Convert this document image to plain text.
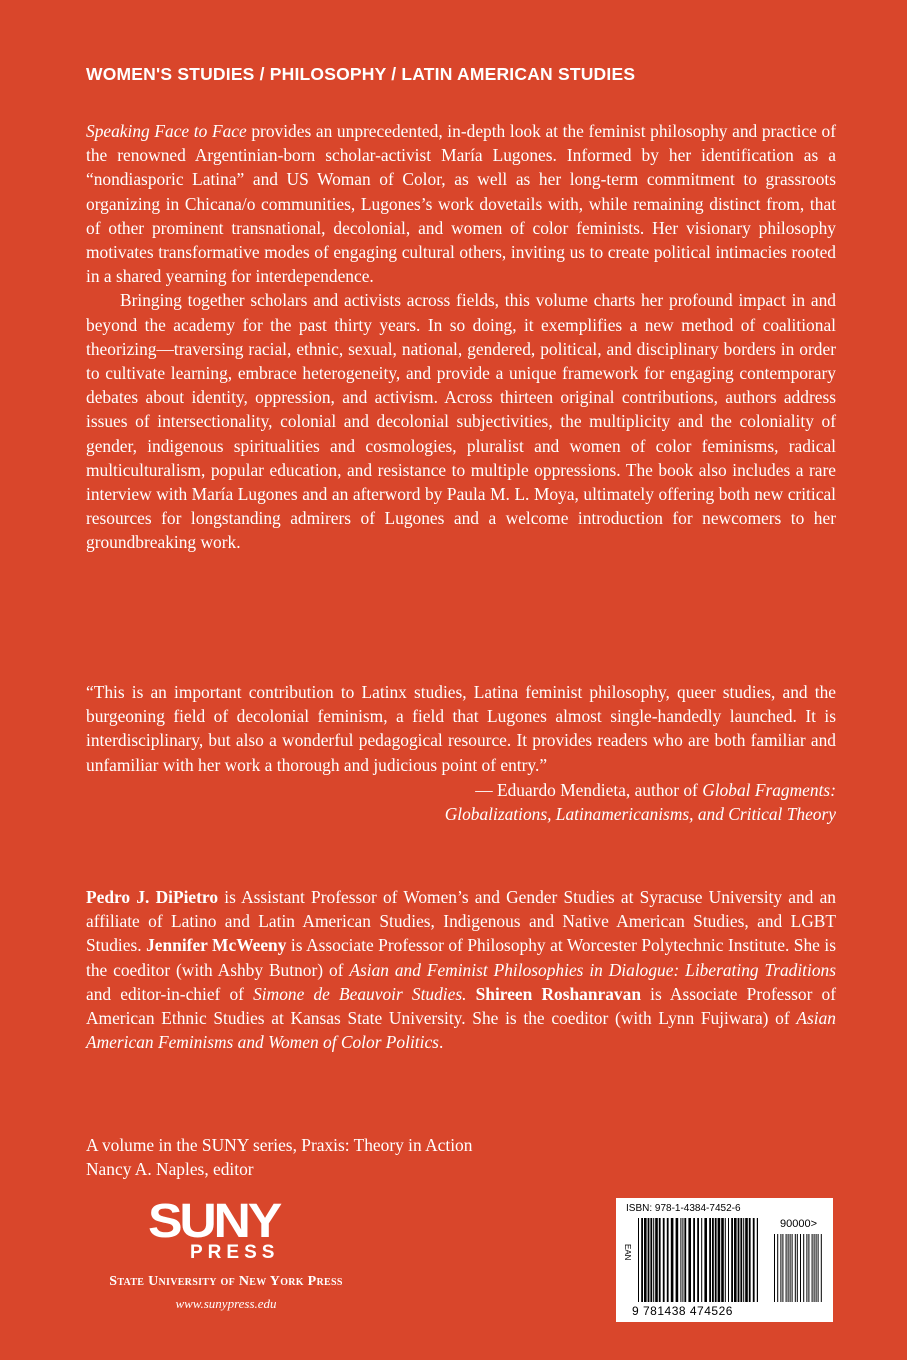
WOMEN'S STUDIES / PHILOSOPHY / LATIN AMERICAN STUDIES

Speaking Face to Face provides an unprecedented, in-depth look at the feminist philosophy and practice of the renowned Argentinian-born scholar-activist María Lugones. Informed by her identification as a “nondiasporic Latina” and US Woman of Color, as well as her long-term commitment to grassroots organizing in Chicana/o communities, Lugones’s work dovetails with, while remaining distinct from, that of other prominent transnational, decolonial, and women of color feminists. Her visionary philosophy motivates transformative modes of engaging cultural others, inviting us to create political intimacies rooted in a shared yearning for interdependence.

Bringing together scholars and activists across fields, this volume charts her profound impact in and beyond the academy for the past thirty years. In so doing, it exemplifies a new method of coalitional theorizing—traversing racial, ethnic, sexual, national, gendered, political, and disciplinary borders in order to cultivate learning, embrace heterogeneity, and provide a unique framework for engaging contemporary debates about identity, oppression, and activism. Across thirteen original contributions, authors address issues of intersectionality, colonial and decolonial subjectivities, the multiplicity and the coloniality of gender, indigenous spiritualities and cosmologies, pluralist and women of color feminisms, radical multiculturalism, popular education, and resistance to multiple oppressions. The book also includes a rare interview with María Lugones and an afterword by Paula M. L. Moya, ultimately offering both new critical resources for longstanding admirers of Lugones and a welcome introduction for newcomers to her groundbreaking work.

“This is an important contribution to Latinx studies, Latina feminist philosophy, queer studies, and the burgeoning field of decolonial feminism, a field that Lugones almost single-handedly launched. It is interdisciplinary, but also a wonderful pedagogical resource. It provides readers who are both familiar and unfamiliar with her work a thorough and judicious point of entry.”

— Eduardo Mendieta, author of Global Fragments:
Globalizations, Latinamericanisms, and Critical Theory

Pedro J. DiPietro is Assistant Professor of Women’s and Gender Studies at Syracuse University and an affiliate of Latino and Latin American Studies, Indigenous and Native American Studies, and LGBT Studies. Jennifer McWeeny is Associate Professor of Philosophy at Worcester Polytechnic Institute. She is the coeditor (with Ashby Butnor) of Asian and Feminist Philosophies in Dialogue: Liberating Traditions and editor-in-chief of Simone de Beauvoir Studies. Shireen Roshanravan is Associate Professor of American Ethnic Studies at Kansas State University. She is the coeditor (with Lynn Fujiwara) of Asian American Feminisms and Women of Color Politics.

A volume in the SUNY series, Praxis: Theory in Action
Nancy A. Naples, editor
SUNY
PRESS
State University of New York Press
www.sunypress.edu
ISBN: 978-1-4384-7452-6
EAN
90000>
9 781438 474526
